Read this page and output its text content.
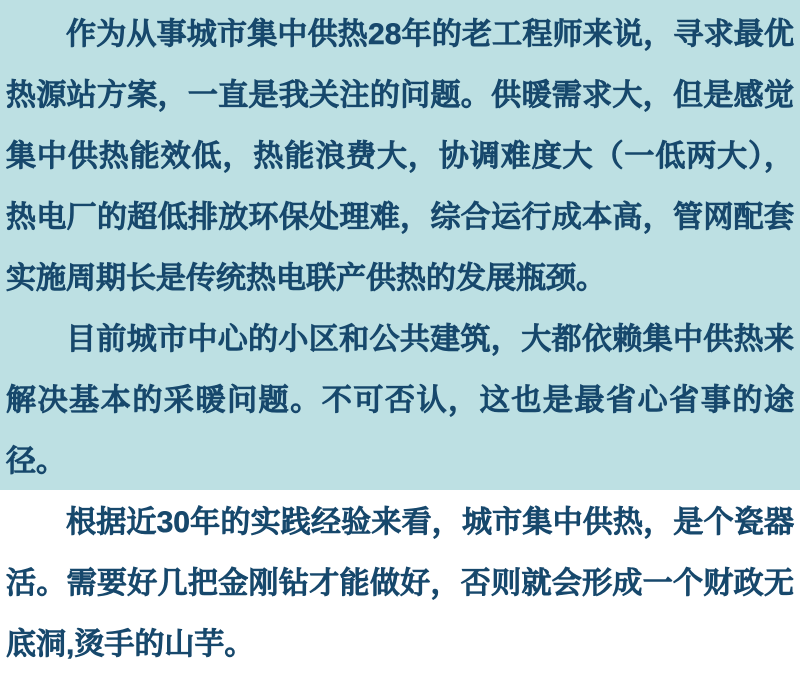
作为从事城市集中供热28年的老工程师来说，寻求最优热源站方案，一直是我关注的问题。供暖需求大，但是感觉集中供热能效低，热能浪费大，协调难度大（一低两大），热电厂的超低排放环保处理难，综合运行成本高，管网配套实施周期长是传统热电联产供热的发展瓶颈。

目前城市中心的小区和公共建筑，大都依赖集中供热来解决基本的采暖问题。不可否认，这也是最省心省事的途径。

根据近30年的实践经验来看，城市集中供热，是个瓷器活。需要好几把金刚钻才能做好，否则就会形成一个财政无底洞,烫手的山芋。
